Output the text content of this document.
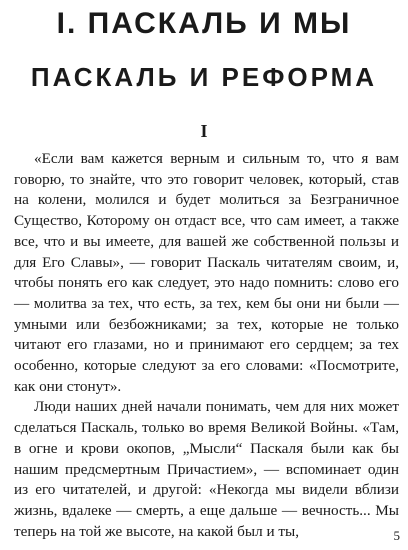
I. ПАСКАЛЬ И МЫ
ПАСКАЛЬ И РЕФОРМА
I

«Если вам кажется верным и сильным то, что я вам говорю, то знайте, что это говорит человек, который, став на колени, молился и будет молиться за Безграничное Существо, Которому он отдаст все, что сам имеет, а также все, что и вы имеете, для вашей же собственной пользы и для Его Славы», — говорит Паскаль читателям своим, и, чтобы понять его как следует, это надо помнить: слово его — молитва за тех, что есть, за тех, кем бы они ни были — умными или безбожниками; за тех, которые не только читают его глазами, но и принимают его сердцем; за тех особенно, которые следуют за его словами: «Посмотрите, как они стонут».

Люди наших дней начали понимать, чем для них может сделаться Паскаль, только во время Великой Войны. «Там, в огне и крови окопов, „Мысли“ Паскаля были как бы нашим предсмертным Причастием», — вспоминает один из его читателей, и другой: «Некогда мы видели вблизи жизнь, вдалеке — смерть, а еще дальше — вечность... Мы теперь на той же высоте, на какой был и ты,	5
